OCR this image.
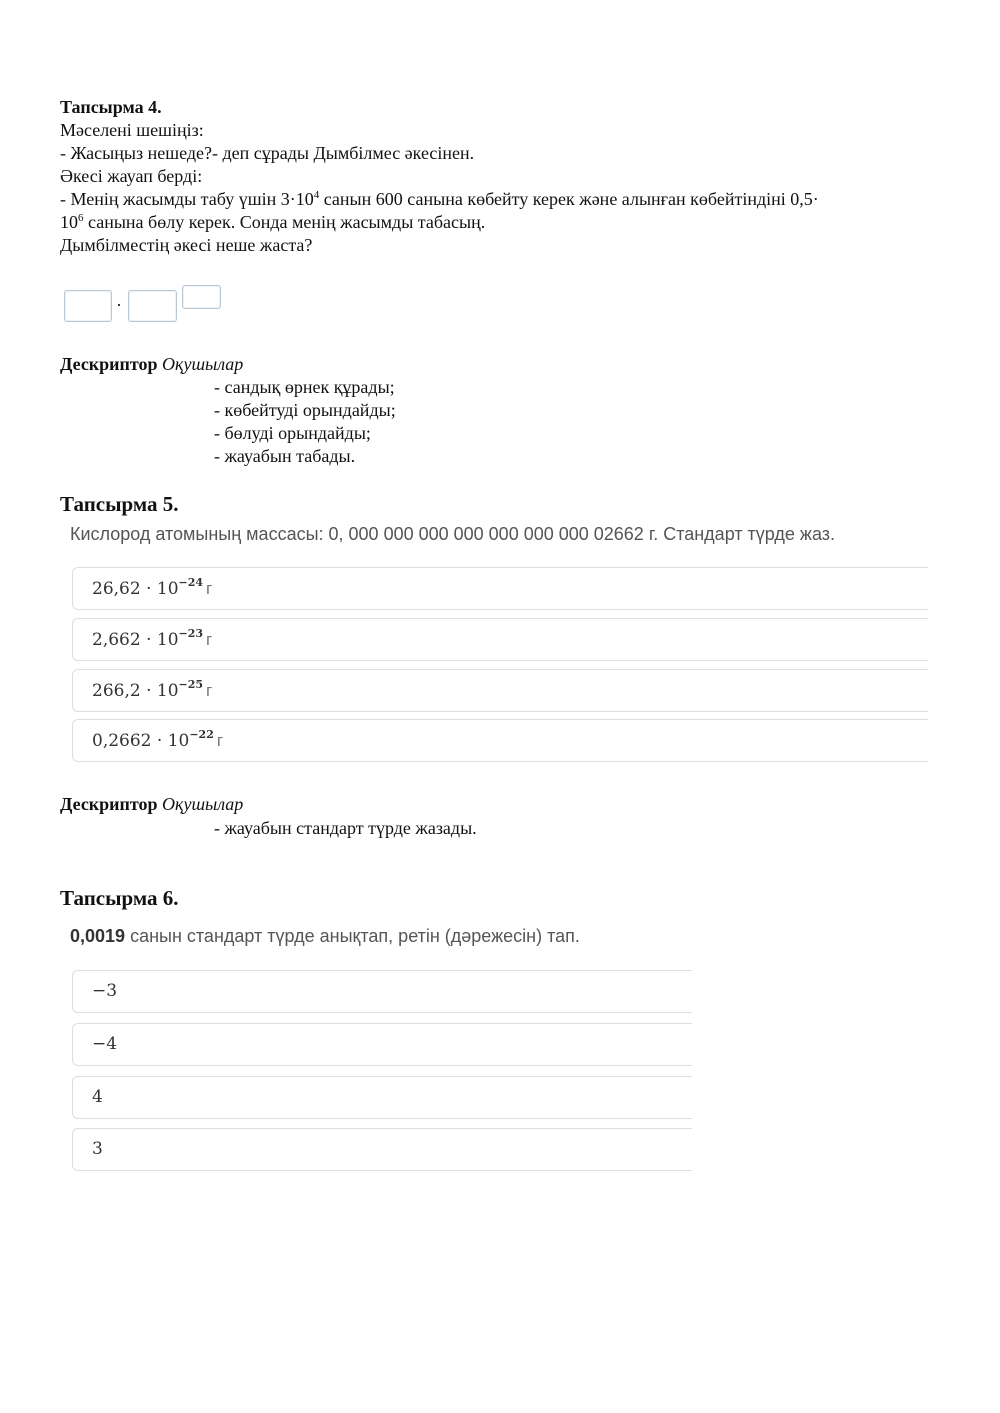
Тапсырма 4.
Мәселені шешіңіз:
- Жасыңыз нешеде?- деп сұрады Дымбілмес әкесінен.
Әкесі жауап берді:
- Менің жасымды табу үшін $3\cdot 10^4$ санын 600 санына көбейту керек және алынған көбейтіндіні 0,5·
$10^6$ санына бөлу керек. Сонда менің жасымды табасың.
Дымбілместің әкесі неше жаста?
·
Дескриптор Оқушылар
- сандық өрнек құрады;
- көбейтуді орындайды;
- бөлуді орындайды;
- жауабын табады.
Тапсырма 5.
Кислород атомының массасы: 0, 000 000 000 000 000 000 000 02662 г. Стандарт түрде жаз.
$26,62 \cdot 10^{-24}$ г
$2,662 \cdot 10^{-23}$ г
$266,2 \cdot 10^{-25}$ г
$0,2662 \cdot 10^{-22}$ г
Дескриптор Оқушылар
- жауабын стандарт түрде жазады.
Тапсырма 6.
0,0019 санын стандарт түрде анықтап, ретін (дәрежесін) тап.
−3
−4
4
3
